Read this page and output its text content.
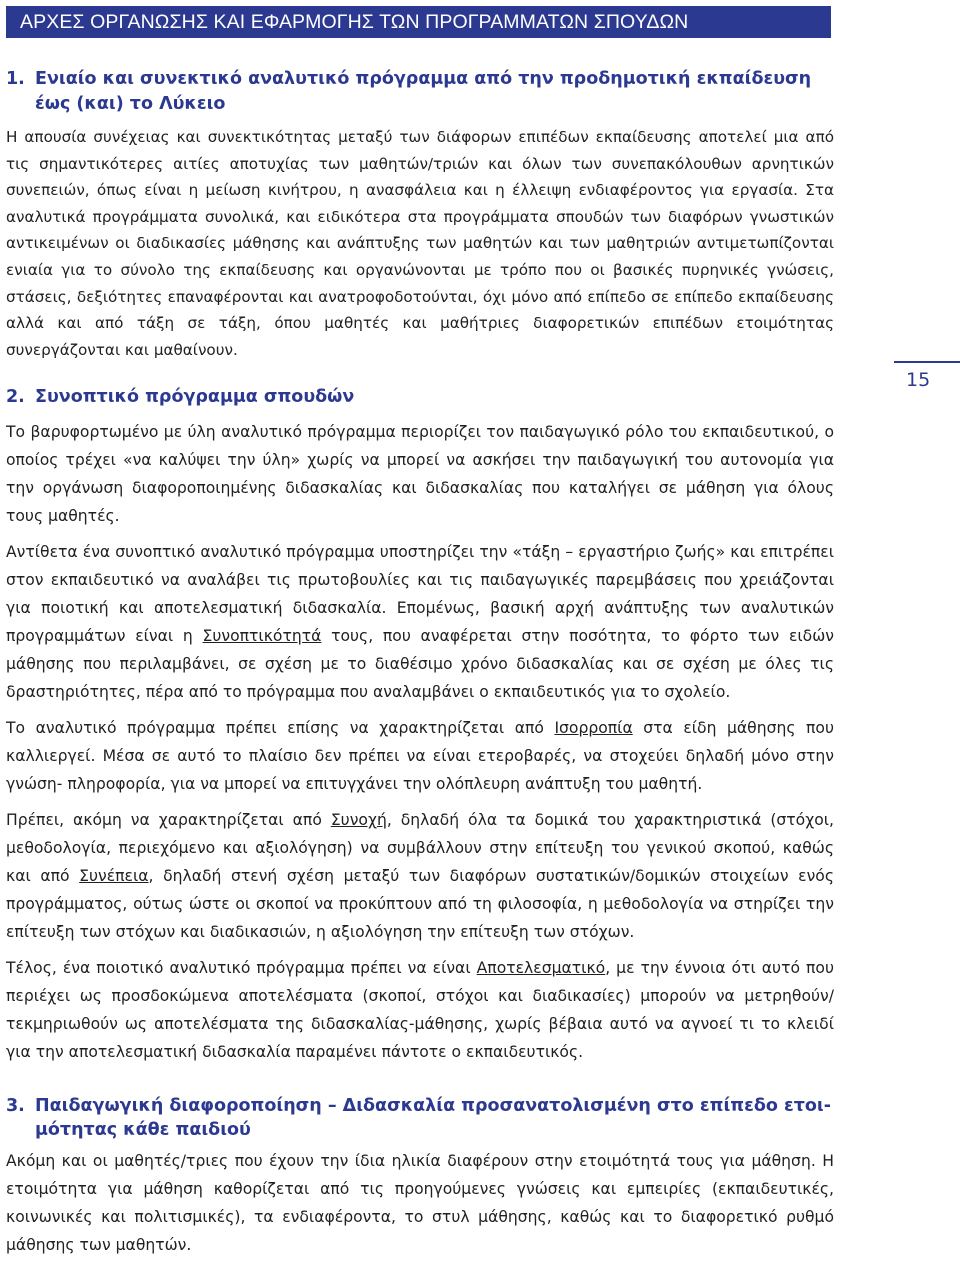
ΑΡΧΕΣ ΟΡΓΑΝΩΣΗΣ ΚΑΙ ΕΦΑΡΜΟΓΗΣ ΤΩΝ ΠΡΟΓΡΑΜΜΑΤΩΝ ΣΠΟΥΔΩΝ
15
1. Ενιαίο και συνεκτικό αναλυτικό πρόγραμμα από την προδημοτική εκπαίδευση
έως (και) το Λύκειο

Η απουσία συνέχειας και συνεκτικότητας μεταξύ των διάφορων επιπέδων εκπαίδευσης αποτελεί μια από τις σημαντικότερες αιτίες αποτυχίας των μαθητών/τριών και όλων των συνεπακόλουθων αρνητικών συνεπειών, όπως είναι η μείωση κινήτρου, η ανασφάλεια και η έλλειψη ενδιαφέροντος για εργασία. Στα αναλυτικά προγράμματα συνολικά, και ειδικότερα στα προγράμματα σπουδών των διαφόρων γνωστικών αντικειμένων οι διαδικασίες μάθησης και ανάπτυξης των μαθητών και των μαθητριών αντιμετωπίζονται ενιαία για το σύνολο της εκπαίδευσης και οργανώνονται με τρόπο που οι βασικές πυρηνικές γνώσεις, στάσεις, δεξιότητες επαναφέρονται και ανατροφοδοτούνται, όχι μόνο από επίπεδο σε επίπεδο εκπαίδευσης αλλά και από τάξη σε τάξη, όπου μαθητές και μαθήτριες διαφορετικών επιπέδων ετοιμότητας συνεργάζονται και μαθαίνουν.

2. Συνοπτικό πρόγραμμα σπουδών

Το βαρυφορτωμένο με ύλη αναλυτικό πρόγραμμα περιορίζει τον παιδαγωγικό ρόλο του εκπαιδευτικού, ο οποίος τρέχει «να καλύψει την ύλη» χωρίς να μπορεί να ασκήσει την παιδαγωγική του αυτονομία για την οργάνωση διαφοροποιημένης διδασκαλίας και διδασκαλίας που καταλήγει σε μάθηση για όλους τους μαθητές.

Αντίθετα ένα συνοπτικό αναλυτικό πρόγραμμα υποστηρίζει την «τάξη – εργαστήριο ζωής» και επιτρέπει στον εκπαιδευτικό να αναλάβει τις πρωτοβουλίες και τις παιδαγωγικές παρεμβάσεις που χρειάζονται για ποιοτική και αποτελεσματική διδασκαλία. Επομένως, βασική αρχή ανάπτυξης των αναλυτικών προγραμμάτων είναι η Συνοπτικότητά τους, που αναφέρεται στην ποσότητα, το φόρτο των ειδών μάθησης που περιλαμβάνει, σε σχέση με το διαθέσιμο χρόνο διδασκαλίας και σε σχέση με όλες τις δραστηριότητες, πέρα από το πρόγραμμα που αναλαμβάνει ο εκπαιδευτικός για το σχολείο.

Το αναλυτικό πρόγραμμα πρέπει επίσης να χαρακτηρίζεται από Ισορροπία στα είδη μάθησης που καλλιεργεί. Μέσα σε αυτό το πλαίσιο δεν πρέπει να είναι ετεροβαρές, να στοχεύει δηλαδή μόνο στην γνώση- πληροφορία, για να μπορεί να επιτυγχάνει την ολόπλευρη ανάπτυξη του μαθητή.

Πρέπει, ακόμη να χαρακτηρίζεται από Συνοχή, δηλαδή όλα τα δομικά του χαρακτηριστικά (στόχοι, μεθοδολογία, περιεχόμενο και αξιολόγηση) να συμβάλλουν στην επίτευξη του γενικού σκοπού, καθώς και από Συνέπεια, δηλαδή στενή σχέση μεταξύ των διαφόρων συστατικών/δομικών στοιχείων ενός προγράμματος, ούτως ώστε οι σκοποί να προκύπτουν από τη φιλοσοφία, η μεθοδολογία να στηρίζει την επίτευξη των στόχων και διαδικασιών, η αξιολόγηση την επίτευξη των στόχων.

Τέλος, ένα ποιοτικό αναλυτικό πρόγραμμα πρέπει να είναι Αποτελεσματικό, με την έννοια ότι αυτό που περιέχει ως προσδοκώμενα αποτελέσματα (σκοποί, στόχοι και διαδικασίες) μπορούν να μετρηθούν/ τεκμηριωθούν ως αποτελέσματα της διδασκαλίας-μάθησης, χωρίς βέβαια αυτό να αγνοεί τι το κλειδί για την αποτελεσματική διδασκαλία παραμένει πάντοτε ο εκπαιδευτικός.

3. Παιδαγωγική διαφοροποίηση – Διδασκαλία προσανατολισμένη στο επίπεδο ετοι-
μότητας κάθε παιδιού

Ακόμη και οι μαθητές/τριες που έχουν την ίδια ηλικία διαφέρουν στην ετοιμότητά τους για μάθηση. Η ετοιμότητα για μάθηση καθορίζεται από τις προηγούμενες γνώσεις και εμπειρίες (εκπαιδευτικές, κοινωνικές και πολιτισμικές), τα ενδιαφέροντα, το στυλ μάθησης, καθώς και το διαφορετικό ρυθμό μάθησης των μαθητών.
